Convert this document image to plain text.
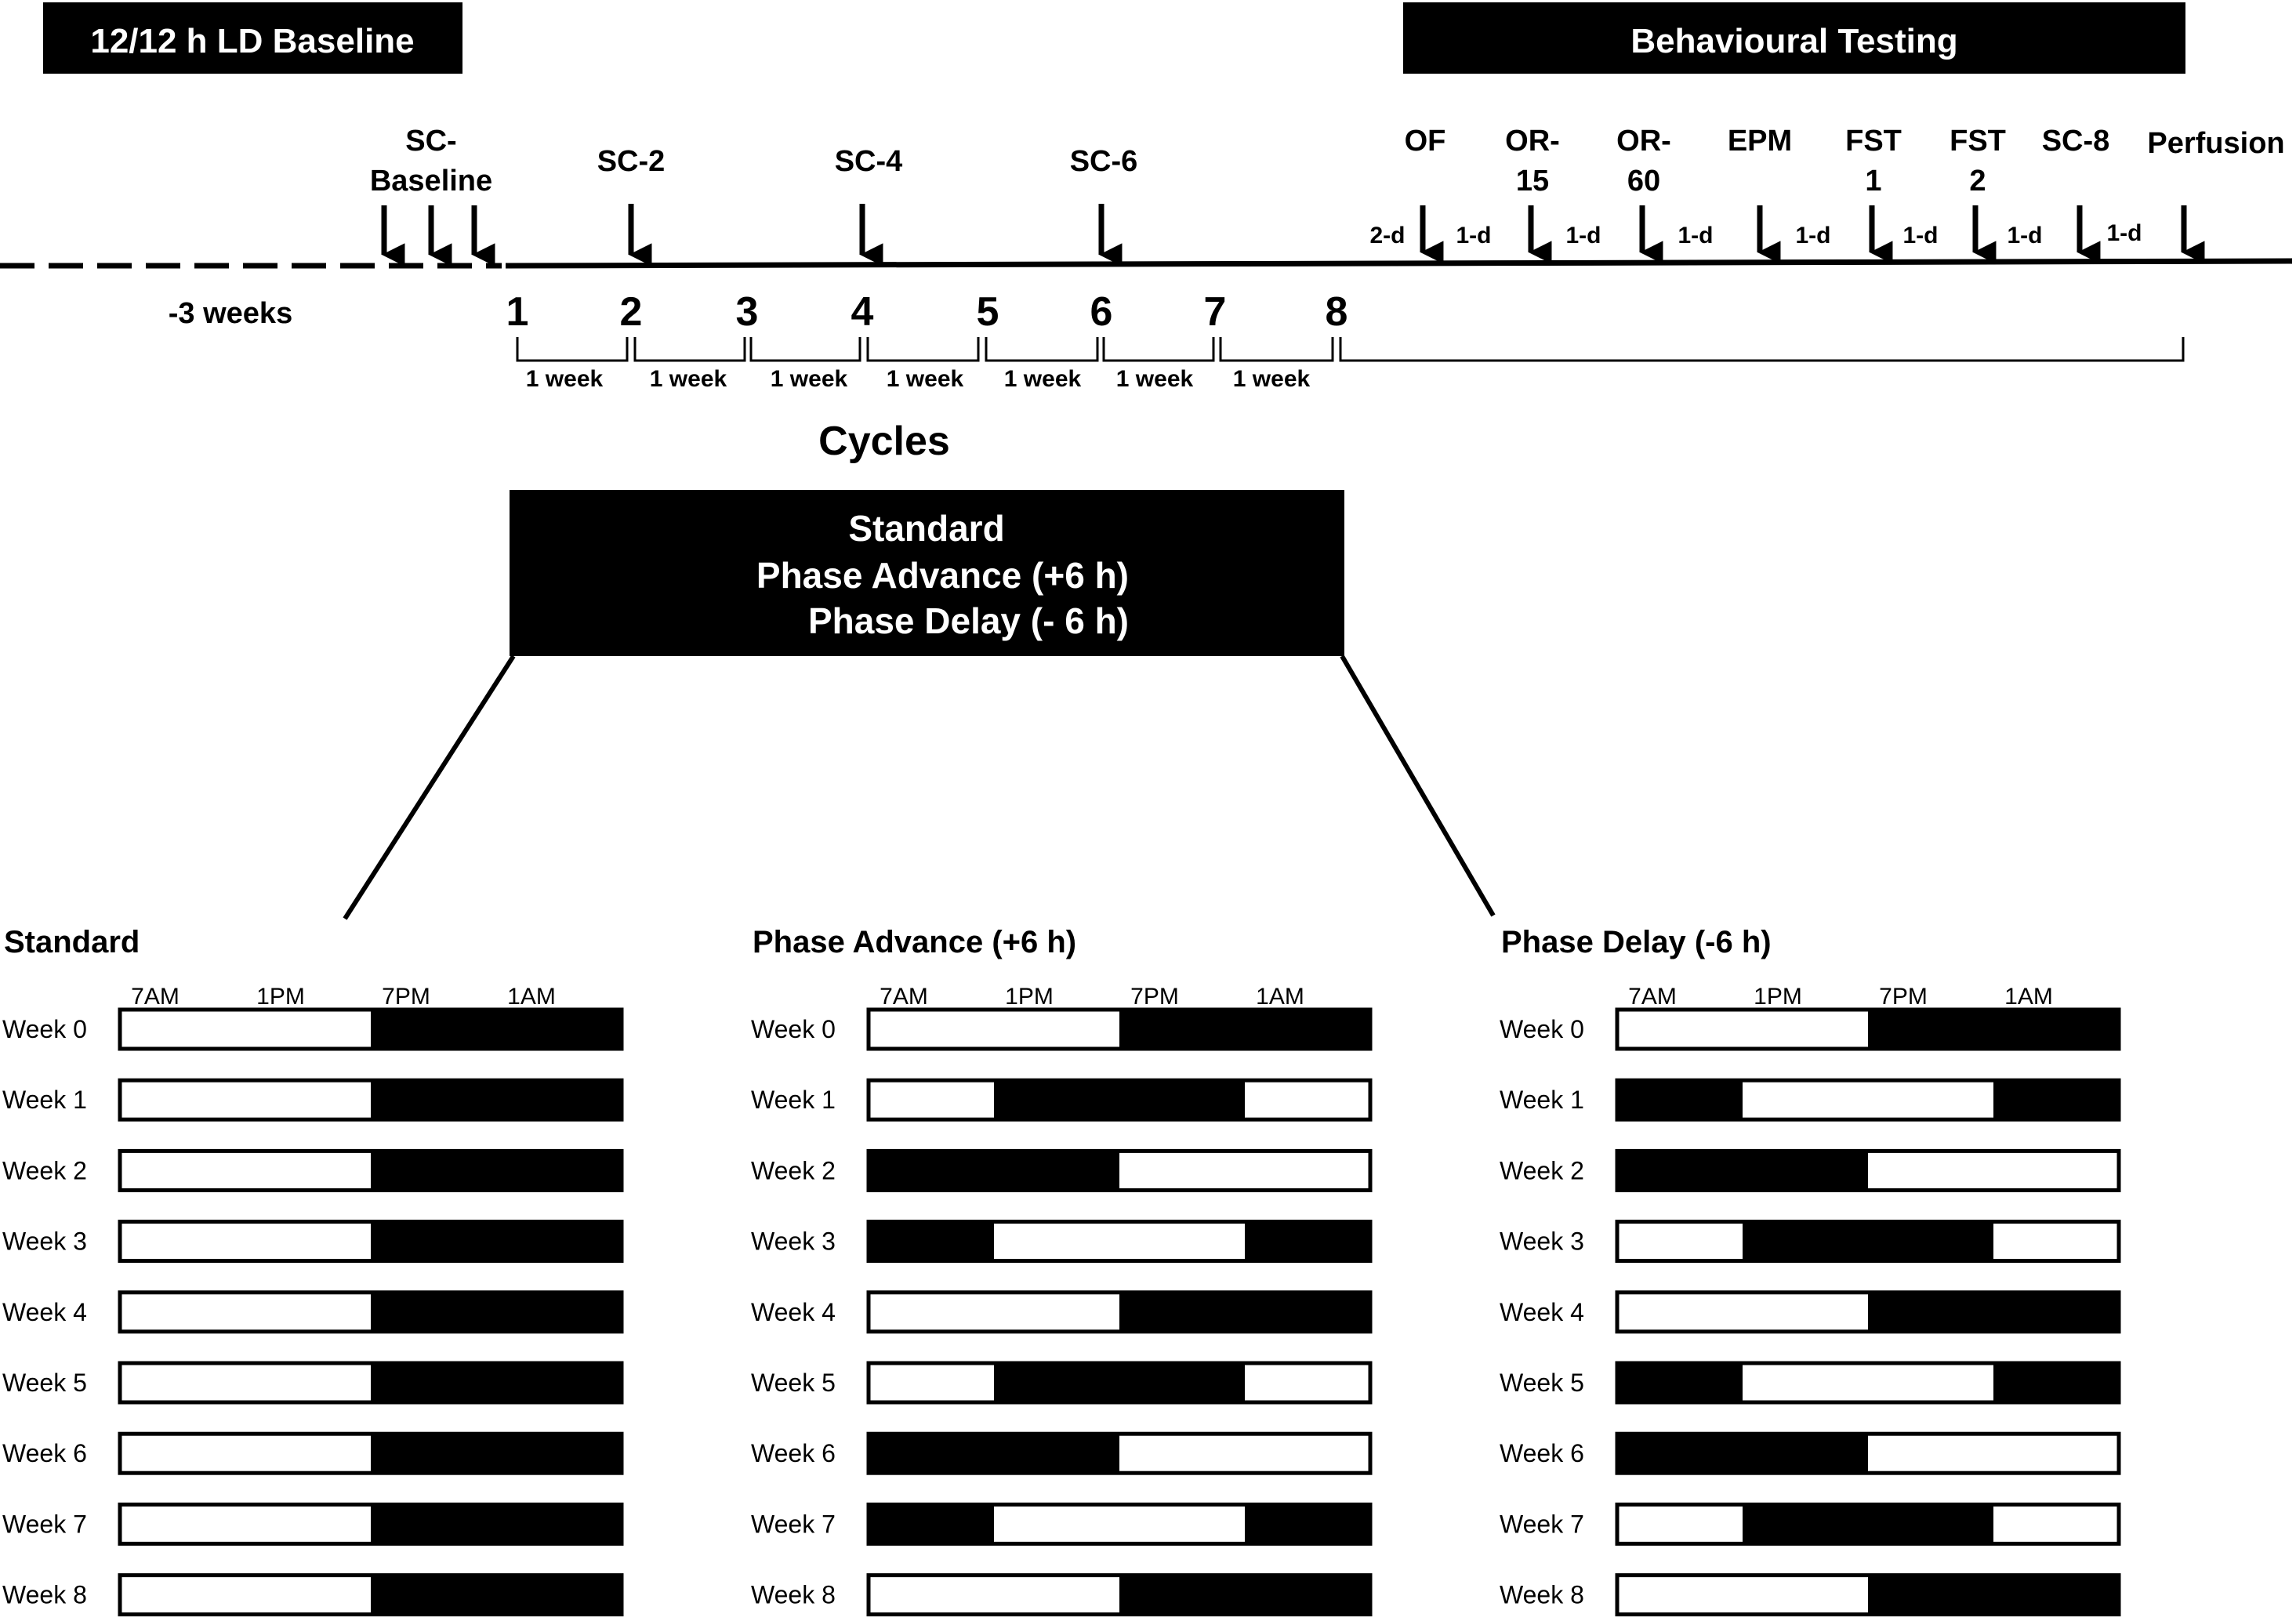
12/12 h LD Baseline	Behavioural Testing
-3 weeks
SC-
Baseline
SC-2	SC-4	SC-6
1 2 3 4	5 6 7 8
1 week 1 week 1 week 1 week 1 week 1 week 1 week
Cycles
OF OR-
15
OR-
60
EPM FST
1
FST
2
SC-8 Perfusion
2-d 1-d	1-d	1-d	1-d	1-d	1-d	1-d
Standard
Phase Advance (+6 h)
Phase Delay (- 6 h)
Standard
7AM	1PM	7PM	1AM
Week 0
Week 1
Week 2
Week 3
Week 4
Week 5
Week 6
Week 7
Week 8
Phase Advance (+6 h)
7AM	1PM	7PM	1AM
Week 0
Week 1
Week 2
Week 3
Week 4
Week 5
Week 6
Week 7
Week 8
Phase Delay (-6 h)
7AM	1PM	7PM	1AM
Week 0
Week 1
Week 2
Week 3
Week 4
Week 5
Week 6
Week 7
Week 8
